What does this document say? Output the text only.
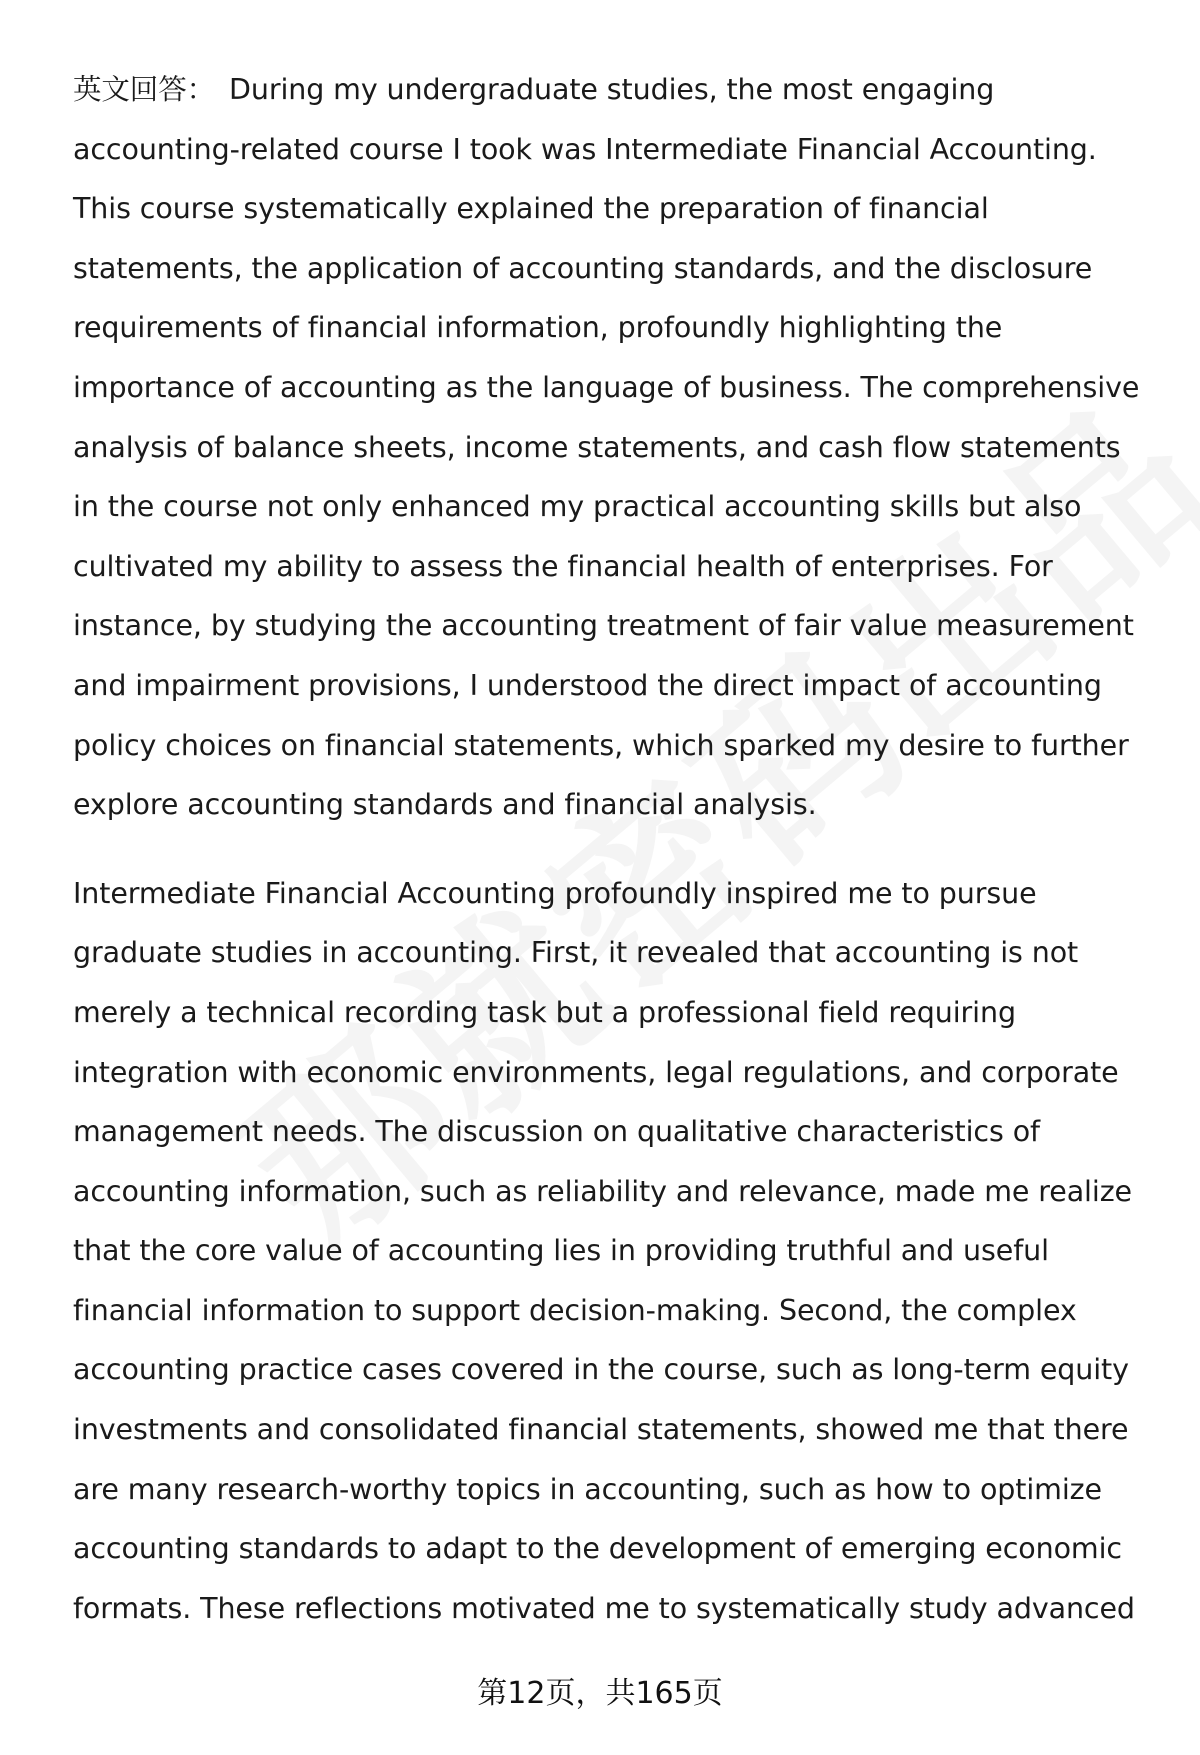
英文回答： During my undergraduate studies, the most engaging accounting-related course I took was Intermediate Financial Accounting. This course systematically explained the preparation of financial statements, the application of accounting standards, and the disclosure requirements of financial information, profoundly highlighting the importance of accounting as the language of business. The comprehensive analysis of balance sheets, income statements, and cash flow statements in the course not only enhanced my practical accounting skills but also cultivated my ability to assess the financial health of enterprises. For instance, by studying the accounting treatment of fair value measurement and impairment provisions, I understood the direct impact of accounting policy choices on financial statements, which sparked my desire to further explore accounting standards and financial analysis.

Intermediate Financial Accounting profoundly inspired me to pursue graduate studies in accounting. First, it revealed that accounting is not merely a technical recording task but a professional field requiring integration with economic environments, legal regulations, and corporate management needs. The discussion on qualitative characteristics of accounting information, such as reliability and relevance, made me realize that the core value of accounting lies in providing truthful and useful financial information to support decision-making. Second, the complex accounting practice cases covered in the course, such as long-term equity investments and consolidated financial statements, showed me that there are many research-worthy topics in accounting, such as how to optimize accounting standards to adapt to the development of emerging economic formats. These reflections motivated me to systematically study advanced

第12页，共165页
